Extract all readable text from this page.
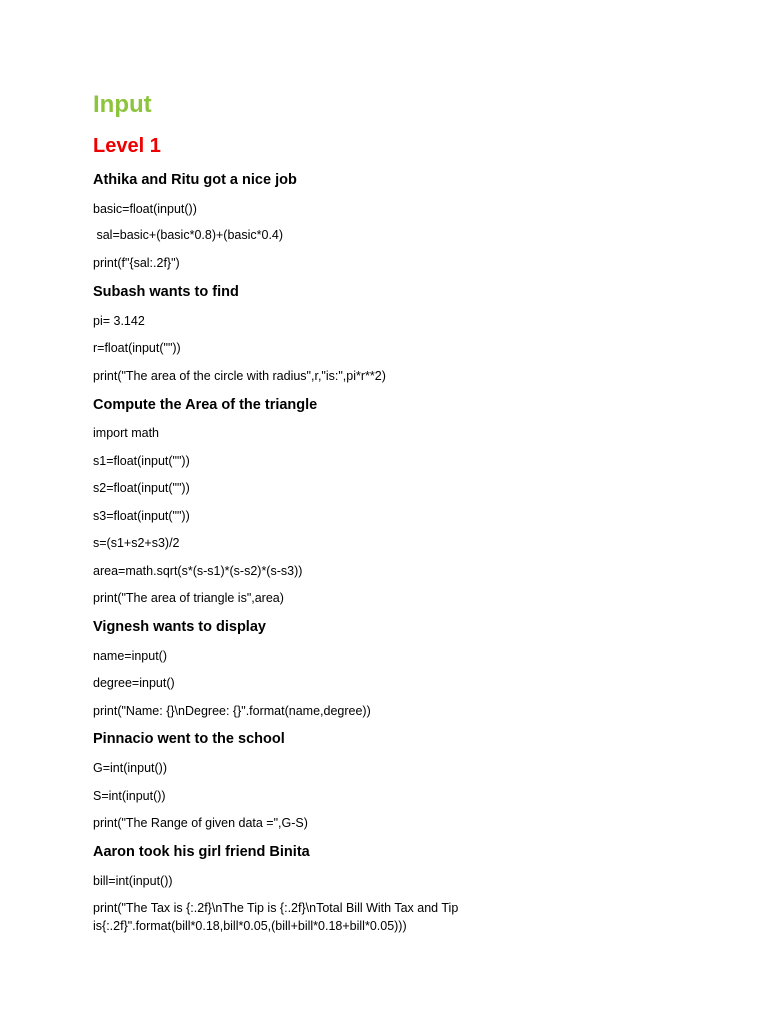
Input
Level 1
Athika and Ritu got a nice job

basic=float(input())

sal=basic+(basic*0.8)+(basic*0.4)

print(f"{sal:.2f}")

Subash wants to find

pi= 3.142

r=float(input(""))

print("The area of the circle with radius",r,"is:",pi*r**2)

Compute the Area of the triangle

import math

s1=float(input(""))

s2=float(input(""))

s3=float(input(""))

s=(s1+s2+s3)/2

area=math.sqrt(s*(s-s1)*(s-s2)*(s-s3))

print("The area of triangle is",area)

Vignesh wants to display

name=input()

degree=input()

print("Name: {}\nDegree: {}".format(name,degree))

Pinnacio went to the school

G=int(input())

S=int(input())

print("The Range of given data =",G-S)

Aaron took his girl friend Binita

bill=int(input())

print("The Tax is {:.2f}\nThe Tip is {:.2f}\nTotal Bill With Tax and Tip
is{:.2f}".format(bill*0.18,bill*0.05,(bill+bill*0.18+bill*0.05)))
